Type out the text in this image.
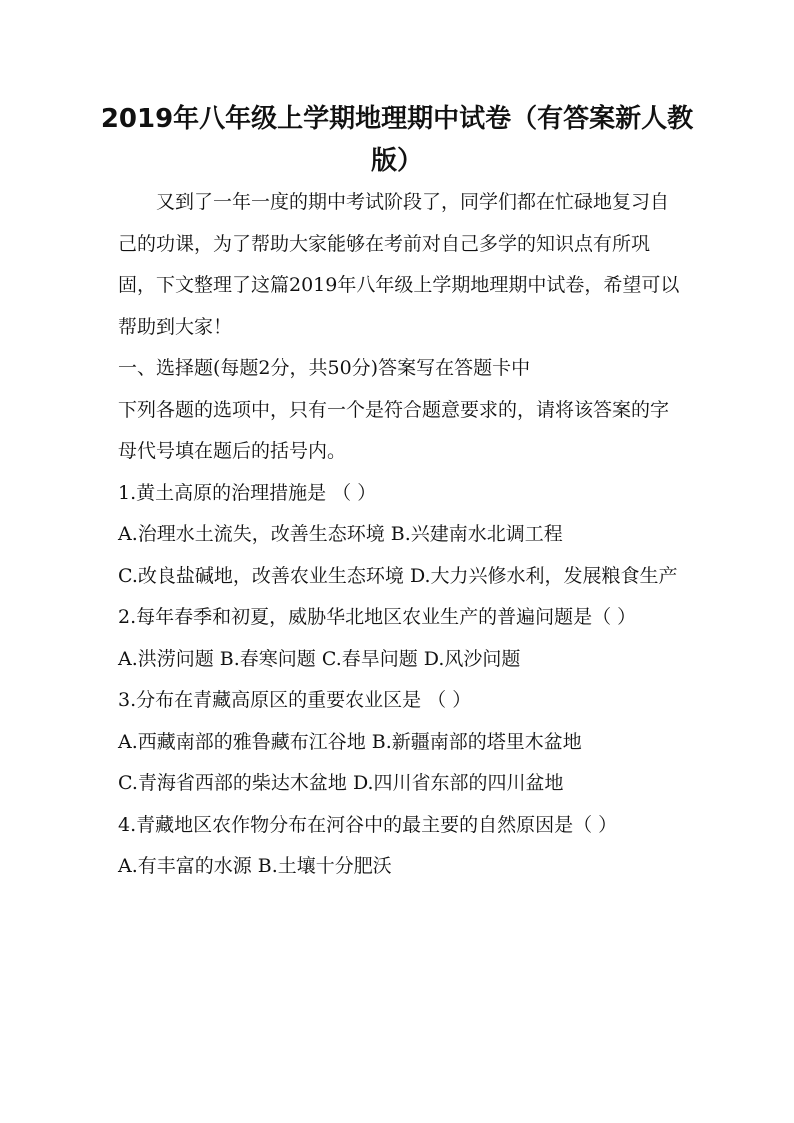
2019年八年级上学期地理期中试卷（有答案新人教版）

又到了一年一度的期中考试阶段了，同学们都在忙碌地复习自己的功课，为了帮助大家能够在考前对自己多学的知识点有所巩固，下文整理了这篇2019年八年级上学期地理期中试卷，希望可以帮助到大家！

一、选择题(每题2分，共50分)答案写在答题卡中

下列各题的选项中，只有一个是符合题意要求的，请将该答案的字母代号填在题后的括号内。

1.黄土高原的治理措施是 （ ）

A.治理水土流失，改善生态环境 B.兴建南水北调工程

C.改良盐碱地，改善农业生态环境 D.大力兴修水利，发展粮食生产

2.每年春季和初夏，威胁华北地区农业生产的普遍问题是（ ）

A.洪涝问题 B.春寒问题 C.春旱问题 D.风沙问题

3.分布在青藏高原区的重要农业区是 （ ）

A.西藏南部的雅鲁藏布江谷地 B.新疆南部的塔里木盆地

C.青海省西部的柴达木盆地 D.四川省东部的四川盆地

4.青藏地区农作物分布在河谷中的最主要的自然原因是（ ）

A.有丰富的水源 B.土壤十分肥沃
